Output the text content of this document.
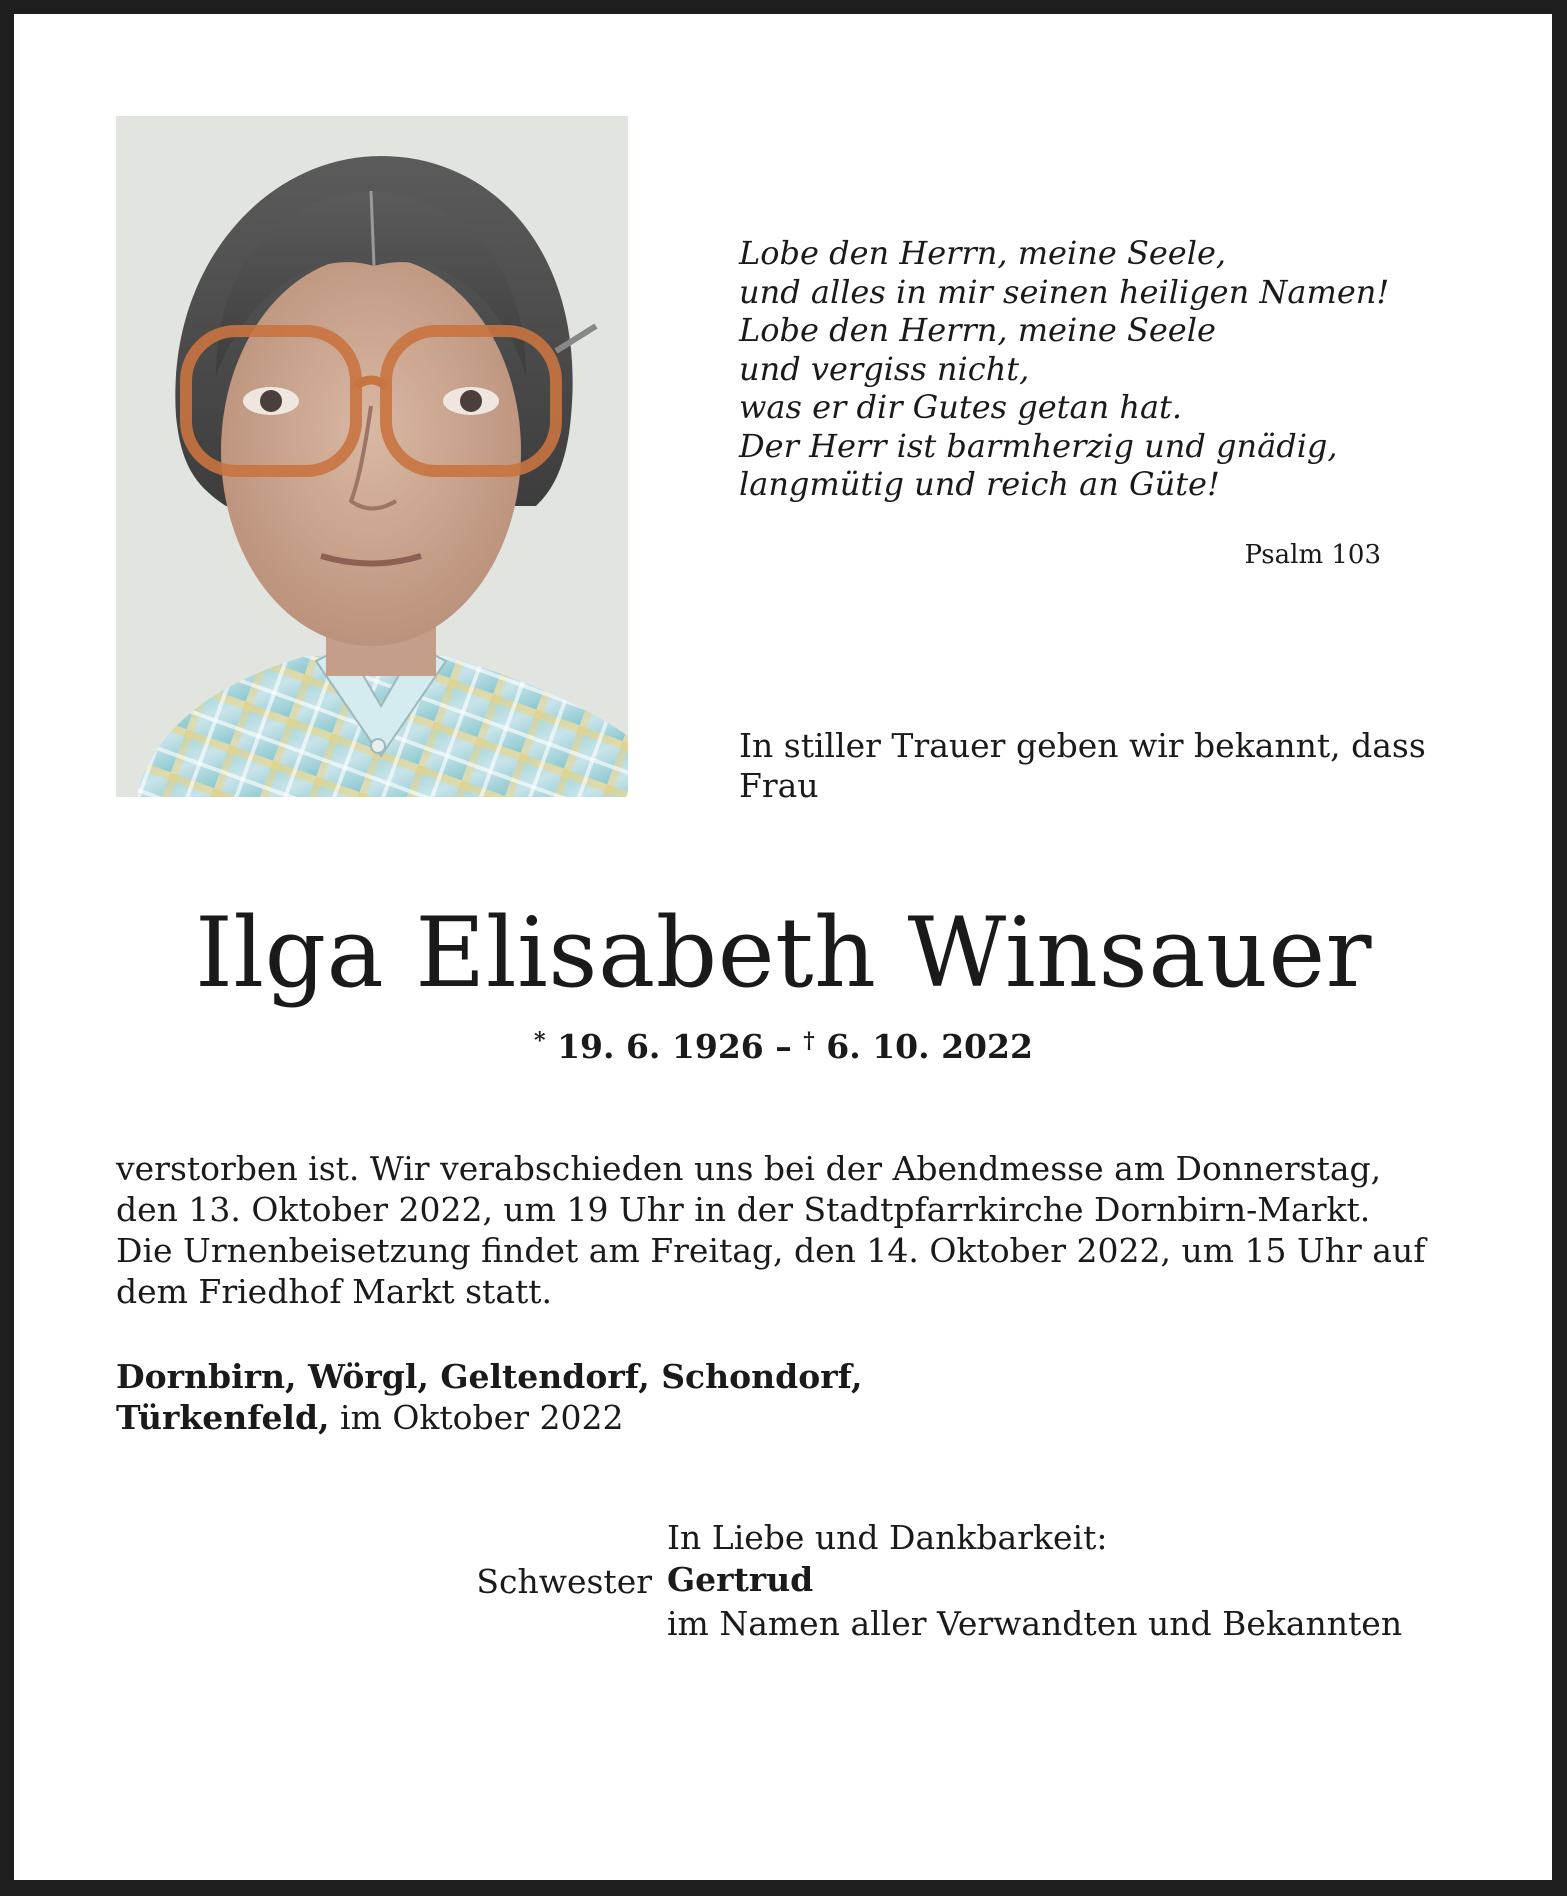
Lobe den Herrn, meine Seele,
und alles in mir seinen heiligen Namen!
Lobe den Herrn, meine Seele
und vergiss nicht,
was er dir Gutes getan hat.
Der Herr ist barmherzig und gnädig,
langmütig und reich an Güte!
Psalm 103
In stiller Trauer geben wir bekannt, dass
Frau
Ilga Elisabeth Winsauer
* 19. 6. 1926 – † 6. 10. 2022
verstorben ist. Wir verabschieden uns bei der Abendmesse am Donnerstag,
den 13. Oktober 2022, um 19 Uhr in der Stadtpfarrkirche Dornbirn-Markt.
Die Urnenbeisetzung findet am Freitag, den 14. Oktober 2022, um 15 Uhr auf
dem Friedhof Markt statt.
Dornbirn, Wörgl, Geltendorf, Schondorf,
Türkenfeld, im Oktober 2022
In Liebe und Dankbarkeit:
Schwester Gertrud
im Namen aller Verwandten und Bekannten
